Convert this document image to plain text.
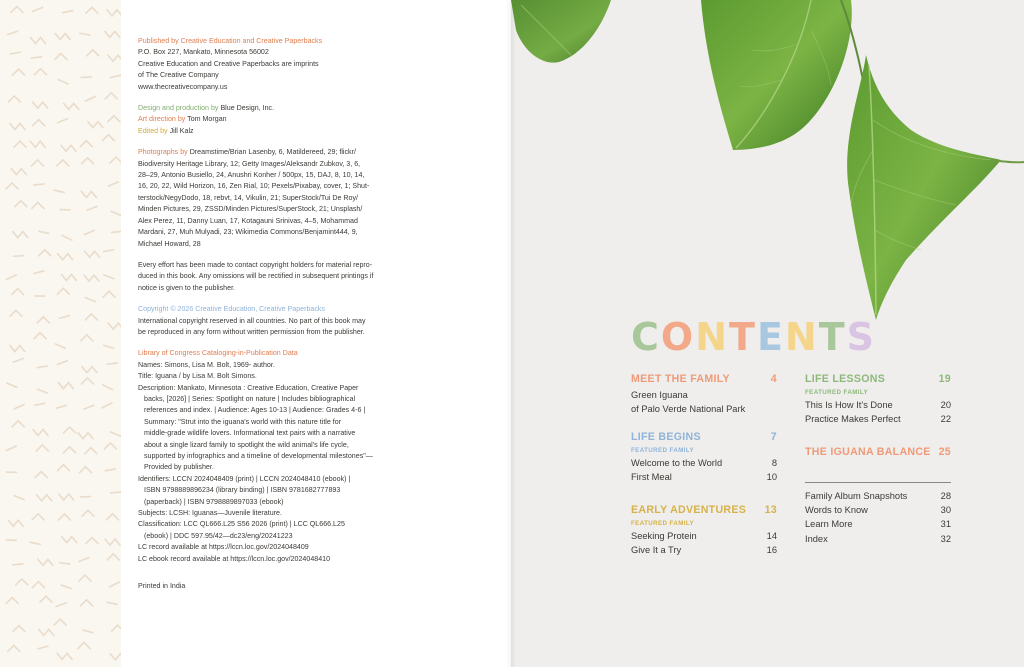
Published by Creative Education and Creative Paperbacks

P.O. Box 227, Mankato, Minnesota 56002

Creative Education and Creative Paperbacks are imprints

of The Creative Company

www.thecreativecompany.us

Design and production by Blue Design, Inc.

Art direction by Tom Morgan

Edited by Jill Kalz

Photographs by Dreamstime/Brian Lasenby, 6, Matildereed, 29; flickr/

Biodiversity Heritage Library, 12; Getty Images/Aleksandr Zubkov, 3, 6,

28–29, Antonio Busiello, 24, Anushri Konher / 500px, 15, DAJ, 8, 10, 14,

16, 20, 22, Wild Horizon, 16, Zen Rial, 10; Pexels/Pixabay, cover, 1; Shut-

terstock/NegyDodo, 18, rebvt, 14, Vikulin, 21; SuperStock/Tui De Roy/

Minden Pictures, 29, ZSSD/Minden Pictures/SuperStock, 21; Unsplash/

Alex Perez, 11, Danny Luan, 17, Kotagauni Srinivas, 4–5, Mohammad

Mardani, 27, Muh Mulyadi, 23; Wikimedia Commons/Benjamint444, 9,

Michael Howard, 28

Every effort has been made to contact copyright holders for material repro-

duced in this book. Any omissions will be rectified in subsequent printings if

notice is given to the publisher.

Copyright © 2026 Creative Education, Creative Paperbacks

International copyright reserved in all countries. No part of this book may

be reproduced in any form without written permission from the publisher.

Library of Congress Cataloging-in-Publication Data

Names: Simons, Lisa M. Bolt, 1969- author.

Title: Iguana / by Lisa M. Bolt Simons.

Description: Mankato, Minnesota : Creative Education, Creative Paper

backs, [2026] | Series: Spotlight on nature | Includes bibliographical

references and index. | Audience: Ages 10-13 | Audience: Grades 4-6 |

Summary: "Strut into the iguana's world with this nature title for

middle-grade wildlife lovers. Informational text pairs with a narrative

about a single lizard family to spotlight the wild animal's life cycle,

supported by infographics and a timeline of developmental milestones"—

Provided by publisher.

Identifiers: LCCN 2024048409 (print) | LCCN 2024048410 (ebook) |

ISBN 9798889896234 (library binding) | ISBN 9781682777893

(paperback) | ISBN 9798889897033 (ebook)

Subjects: LCSH: Iguanas—Juvenile literature.

Classification: LCC QL666.L25 S56 2026 (print) | LCC QL666.L25

(ebook) | DDC 597.95/42—dc23/eng/20241223

LC record available at https://lccn.loc.gov/2024048409

LC ebook record available at https://lccn.loc.gov/2024048410

Printed in India

CONTENTS
MEET THE FAMILY	4
Green Iguana
of Palo Verde National Park
LIFE BEGINS	7
FEATURED FAMILY
Welcome to the World	8
First Meal	10
EARLY ADVENTURES 13
FEATURED FAMILY
Seeking Protein	14
Give It a Try	16
LIFE LESSONS	19
FEATURED FAMILY
This Is How It’s Done	20
Practice Makes Perfect	22
THE IGUANA BALANCE 25
Family Album Snapshots	28
Words to Know	30
Learn More	31
Index	32
